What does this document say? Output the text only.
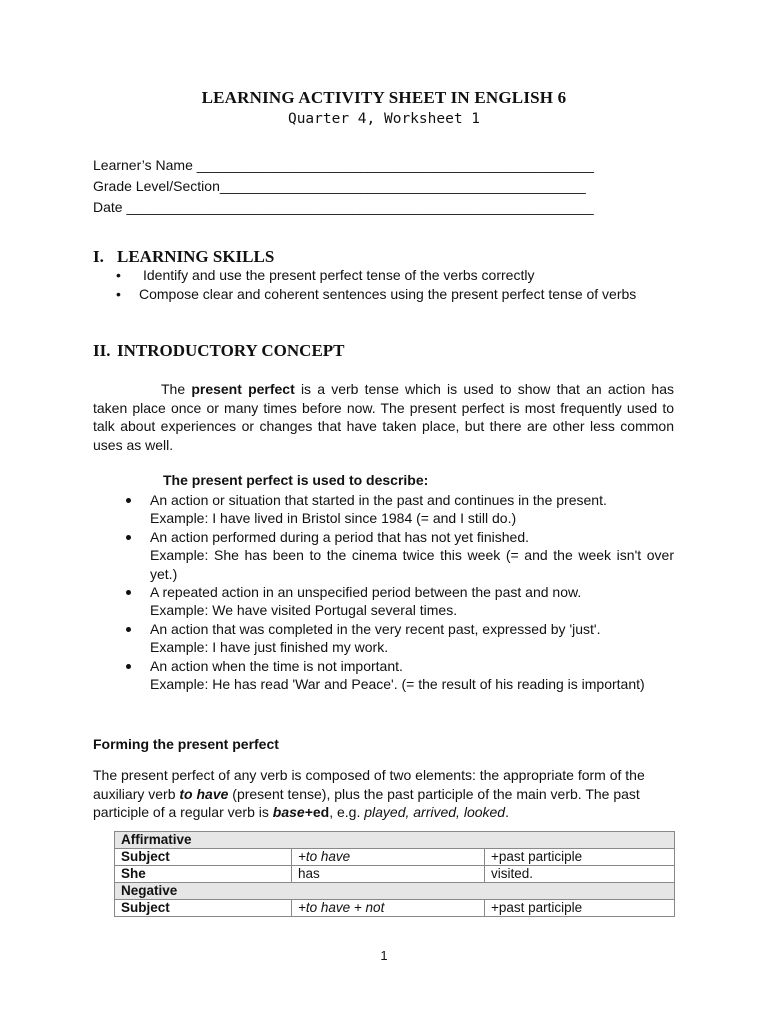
LEARNING ACTIVITY SHEET IN ENGLISH 6
Quarter 4, Worksheet 1
Learner’s Name ___________________________________________________
Grade Level/Section_______________________________________________
Date ____________________________________________________________
I. LEARNING SKILLS
• Identify and use the present perfect tense of the verbs correctly
• Compose clear and coherent sentences using the present perfect tense of verbs
II. INTRODUCTORY CONCEPT
The present perfect is a verb tense which is used to show that an action has taken place once or many times before now. The present perfect is most frequently used to talk about experiences or changes that have taken place, but there are other less common uses as well.
The present perfect is used to describe:
An action or situation that started in the past and continues in the present.
Example: I have lived in Bristol since 1984 (= and I still do.)
An action performed during a period that has not yet finished.
Example: She has been to the cinema twice this week (= and the week isn't over yet.)
A repeated action in an unspecified period between the past and now.
Example: We have visited Portugal several times.
An action that was completed in the very recent past, expressed by 'just'.
Example: I have just finished my work.
An action when the time is not important.
Example: He has read 'War and Peace'. (= the result of his reading is important)
Forming the present perfect
The present perfect of any verb is composed of two elements: the appropriate form of the auxiliary verb to have (present tense), plus the past participle of the main verb. The past participle of a regular verb is base+ed, e.g. played, arrived, looked.
Affirmative		
Subject	+to have	+past participle
She	has	visited.
Negative		
Subject	+to have + not	+past participle
1
